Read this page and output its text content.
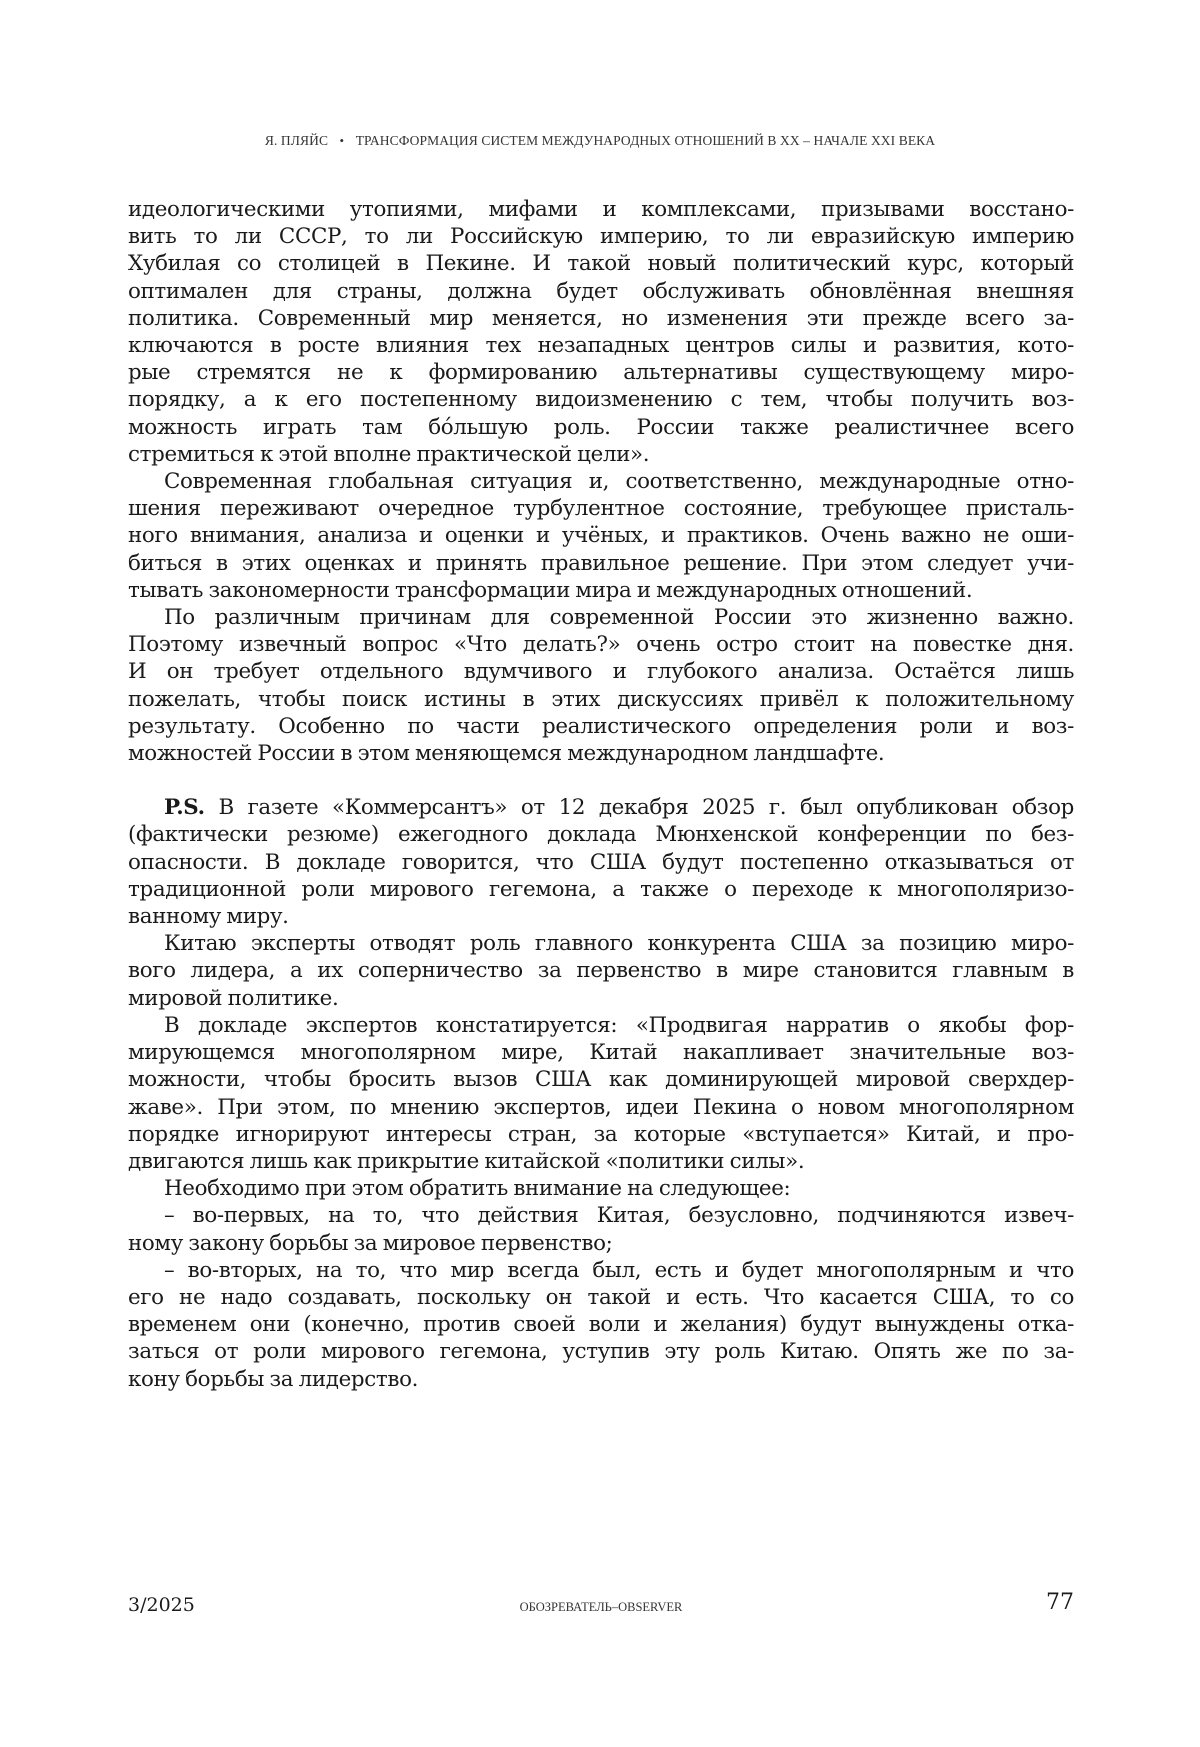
Я. ПЛЯЙС • ТРАНСФОРМАЦИЯ СИСТЕМ МЕЖДУНАРОДНЫХ ОТНОШЕНИЙ В XX – НАЧАЛЕ XXI ВЕКА
идеологическими утопиями, мифами и комплексами, призывами восстано-
вить то ли СССР, то ли Российскую империю, то ли евразийскую империю
Хубилая со столицей в Пекине. И такой новый политический курс, который
оптимален для страны, должна будет обслуживать обновлённая внешняя
политика. Современный мир меняется, но изменения эти прежде всего за-
ключаются в росте влияния тех незападных центров силы и развития, кото-
рые стремятся не к формированию альтернативы существующему миро-
порядку, а к его постепенному видоизменению с тем, чтобы получить воз-
можность играть там бóльшую роль. России также реалистичнее всего
стремиться к этой вполне практической цели».
Современная глобальная ситуация и, соответственно, международные отно-
шения переживают очередное турбулентное состояние, требующее присталь-
ного внимания, анализа и оценки и учёных, и практиков. Очень важно не оши-
биться в этих оценках и принять правильное решение. При этом следует учи-
тывать закономерности трансформации мира и международных отношений.
По различным причинам для современной России это жизненно важно.
Поэтому извечный вопрос «Что делать?» очень остро стоит на повестке дня.
И он требует отдельного вдумчивого и глубокого анализа. Остаётся лишь
пожелать, чтобы поиск истины в этих дискуссиях привёл к положительному
результату. Особенно по части реалистического определения роли и воз-
можностей России в этом меняющемся международном ландшафте.
P.S. В газете «Коммерсантъ» от 12 декабря 2025 г. был опубликован обзор
(фактически резюме) ежегодного доклада Мюнхенской конференции по без-
опасности. В докладе говорится, что США будут постепенно отказываться от
традиционной роли мирового гегемона, а также о переходе к многополяризо-
ванному миру.
Китаю эксперты отводят роль главного конкурента США за позицию миро-
вого лидера, а их соперничество за первенство в мире становится главным в
мировой политике.
В докладе экспертов констатируется: «Продвигая нарратив о якобы фор-
мирующемся многополярном мире, Китай накапливает значительные воз-
можности, чтобы бросить вызов США как доминирующей мировой сверхдер-
жаве». При этом, по мнению экспертов, идеи Пекина о новом многополярном
порядке игнорируют интересы стран, за которые «вступается» Китай, и про-
двигаются лишь как прикрытие китайской «политики силы».
Необходимо при этом обратить внимание на следующее:
– во-первых, на то, что действия Китая, безусловно, подчиняются извеч-
ному закону борьбы за мировое первенство;
– во-вторых, на то, что мир всегда был, есть и будет многополярным и что
его не надо создавать, поскольку он такой и есть. Что касается США, то со
временем они (конечно, против своей воли и желания) будут вынуждены отка-
заться от роли мирового гегемона, уступив эту роль Китаю. Опять же по за-
кону борьбы за лидерство.
3/2025	ОБОЗРЕВАТЕЛЬ–OBSERVER	77
